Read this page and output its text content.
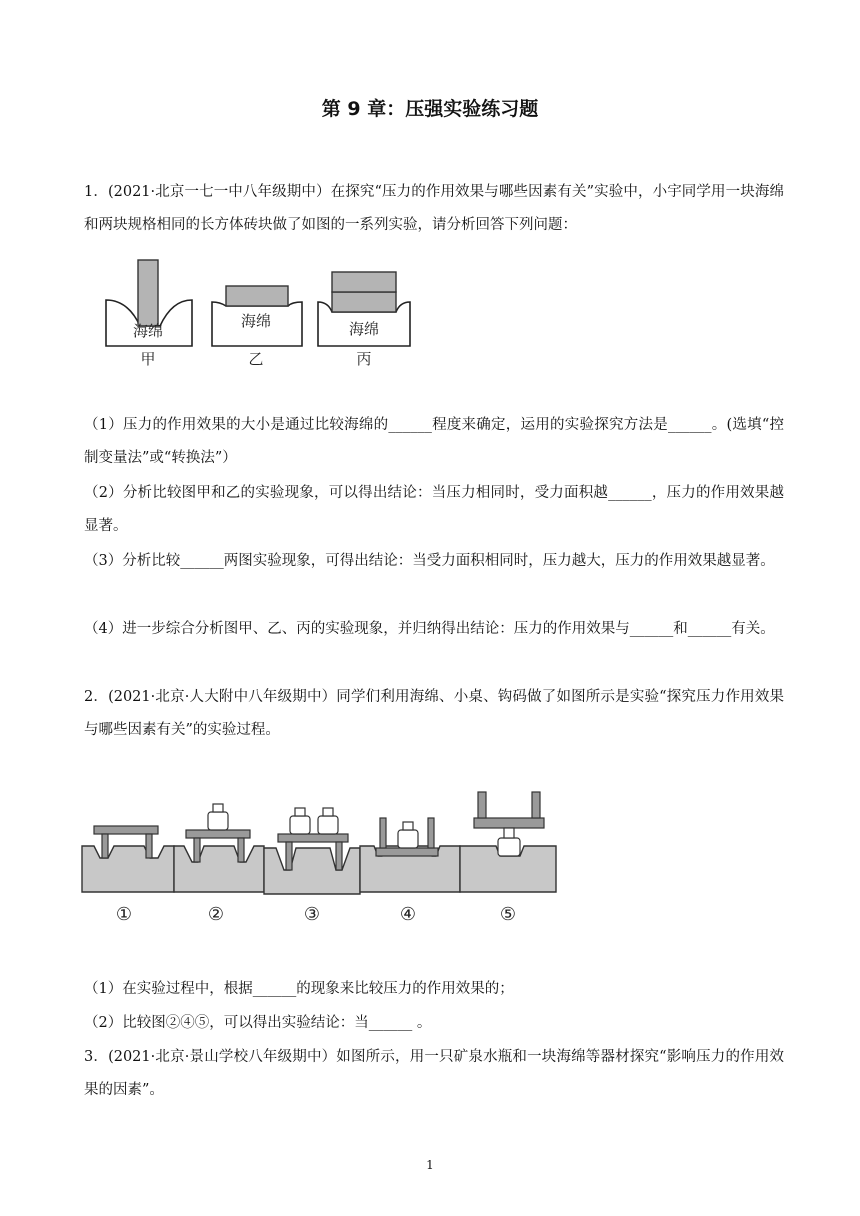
第 9 章：压强实验练习题
1．(2021·北京一七一中八年级期中）在探究“压力的作用效果与哪些因素有关”实验中，小宇同学用一块海绵和两块规格相同的长方体砖块做了如图的一系列实验，请分析回答下列问题：
海绵
海绵	海绵
甲	乙	丙
（1）压力的作用效果的大小是通过比较海绵的______程度来确定，运用的实验探究方法是______。(选填“控制变量法”或“转换法”）
（2）分析比较图甲和乙的实验现象，可以得出结论：当压力相同时，受力面积越______，压力的作用效果越显著。
（3）分析比较______两图实验现象，可得出结论：当受力面积相同时，压力越大，压力的作用效果越显著。
（4）进一步综合分析图甲、乙、丙的实验现象，并归纳得出结论：压力的作用效果与______和______有关。
2．(2021·北京·人大附中八年级期中）同学们利用海绵、小桌、钩码做了如图所示是实验“探究压力作用效果与哪些因素有关”的实验过程。
①	②	③	④	⑤
（1）在实验过程中，根据______的现象来比较压力的作用效果的；
（2）比较图②④⑤，可以得出实验结论：当______ 。
3．(2021·北京·景山学校八年级期中）如图所示，用一只矿泉水瓶和一块海绵等器材探究“影响压力的作用效果的因素”。
1
